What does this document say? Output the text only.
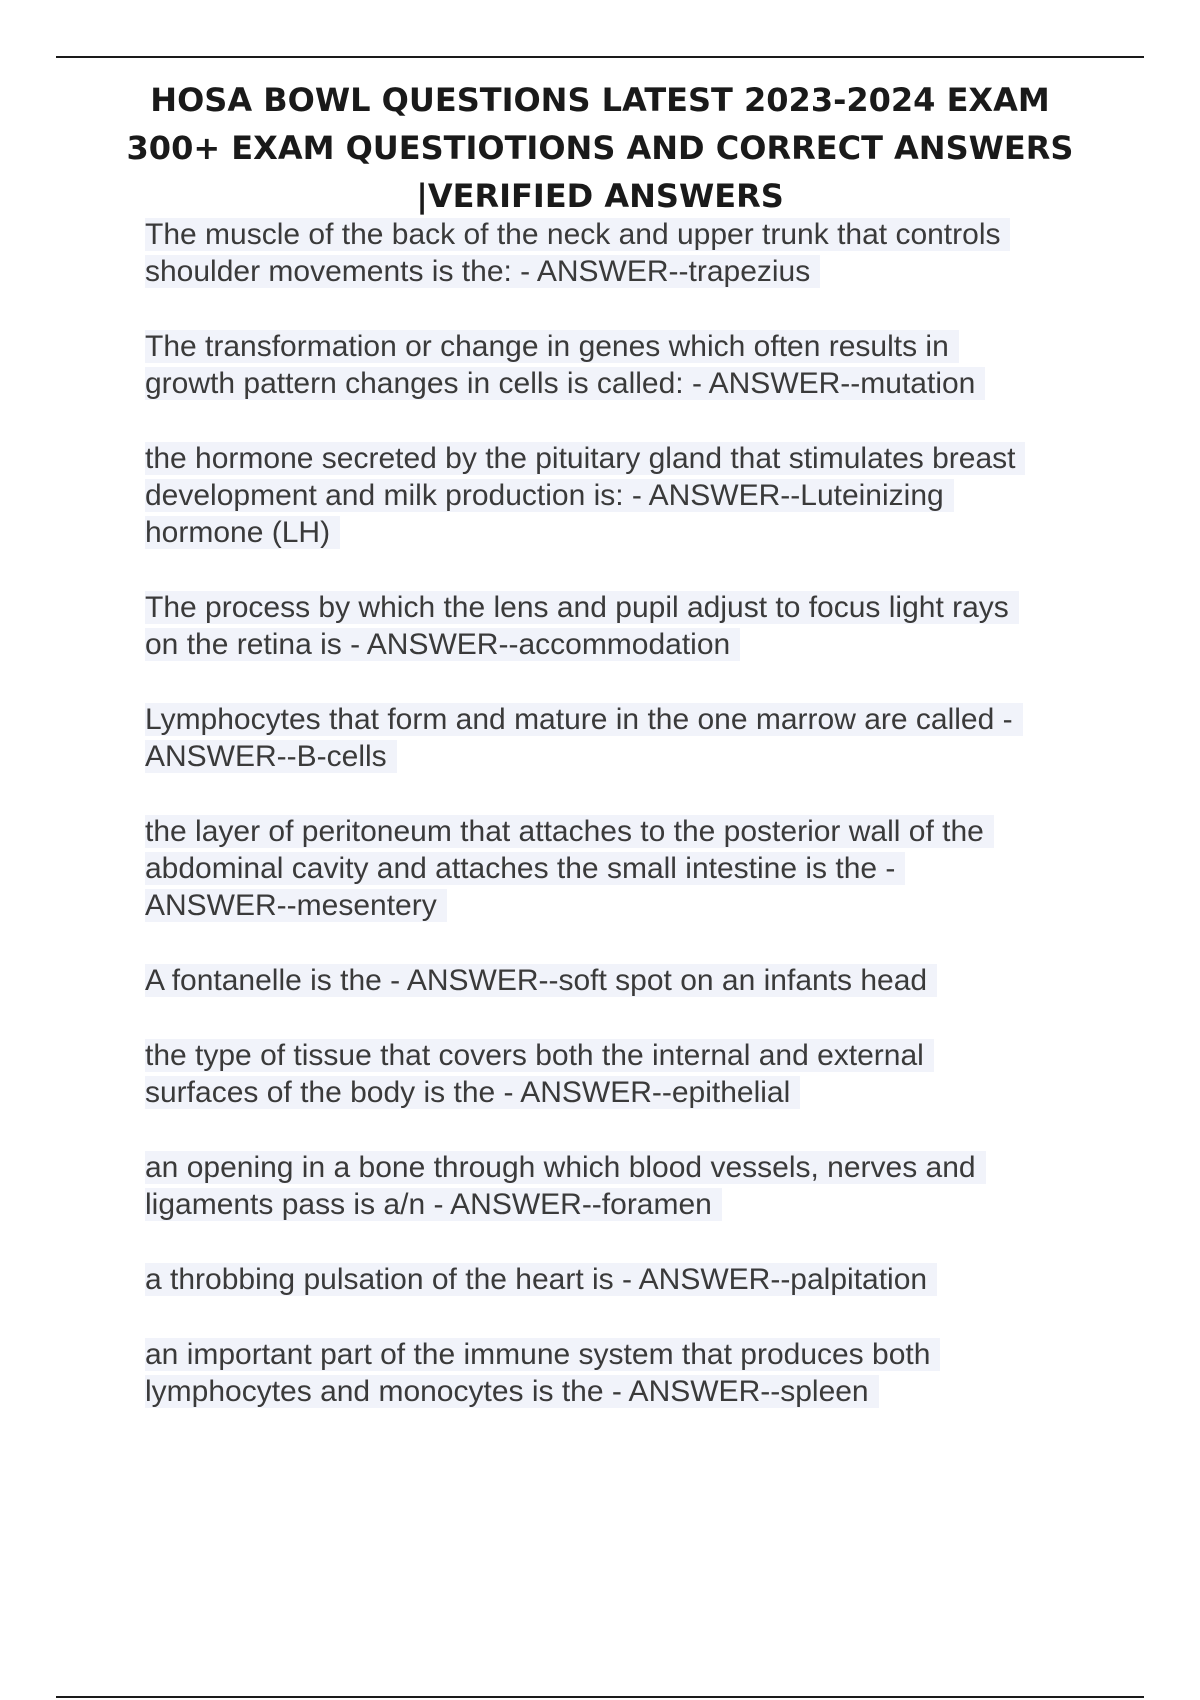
HOSA BOWL QUESTIONS LATEST 2023-2024 EXAM
300+ EXAM QUESTIOTIONS AND CORRECT ANSWERS
|VERIFIED ANSWERS
The muscle of the back of the neck and upper trunk that controls
shoulder movements is the: - ANSWER--trapezius
The transformation or change in genes which often results in
growth pattern changes in cells is called: - ANSWER--mutation
the hormone secreted by the pituitary gland that stimulates breast
development and milk production is: - ANSWER--Luteinizing
hormone (LH)
The process by which the lens and pupil adjust to focus light rays
on the retina is - ANSWER--accommodation
Lymphocytes that form and mature in the one marrow are called -
ANSWER--B-cells
the layer of peritoneum that attaches to the posterior wall of the
abdominal cavity and attaches the small intestine is the -
ANSWER--mesentery
A fontanelle is the - ANSWER--soft spot on an infants head
the type of tissue that covers both the internal and external
surfaces of the body is the - ANSWER--epithelial
an opening in a bone through which blood vessels, nerves and
ligaments pass is a/n - ANSWER--foramen
a throbbing pulsation of the heart is - ANSWER--palpitation
an important part of the immune system that produces both
lymphocytes and monocytes is the - ANSWER--spleen
